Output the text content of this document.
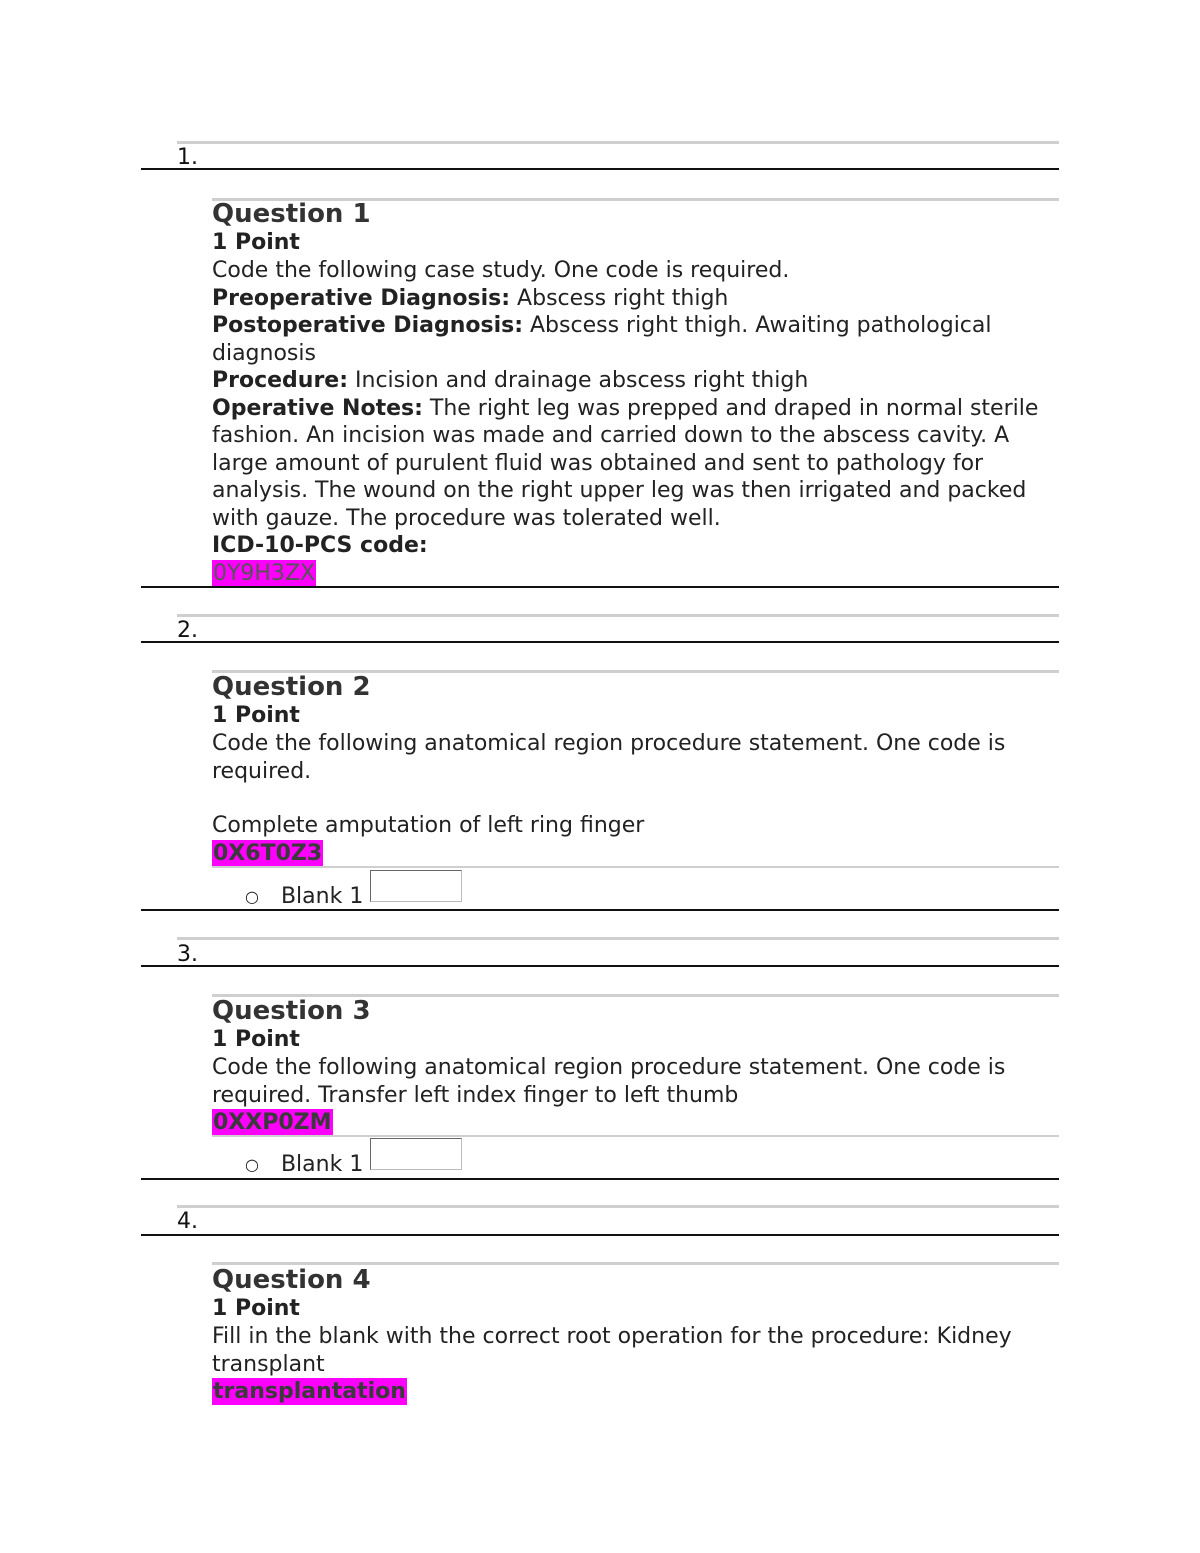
1.
Question 1
1 Point
Code the following case study. One code is required.
Preoperative Diagnosis: Abscess right thigh
Postoperative Diagnosis: Abscess right thigh. Awaiting pathological diagnosis
Procedure: Incision and drainage abscess right thigh
Operative Notes: The right leg was prepped and draped in normal sterile fashion. An incision was made and carried down to the abscess cavity. A large amount of purulent fluid was obtained and sent to pathology for analysis. The wound on the right upper leg was then irrigated and packed with gauze. The procedure was tolerated well.
ICD-10-PCS code:
0Y9H3ZX
2.
Question 2
1 Point
Code the following anatomical region procedure statement. One code is required.
Complete amputation of left ring finger
0X6T0Z3
○ Blank 1
3.
Question 3
1 Point
Code the following anatomical region procedure statement. One code is required. Transfer left index finger to left thumb
0XXP0ZM
○ Blank 1
4.
Question 4
1 Point
Fill in the blank with the correct root operation for the procedure: Kidney transplant
transplantation
